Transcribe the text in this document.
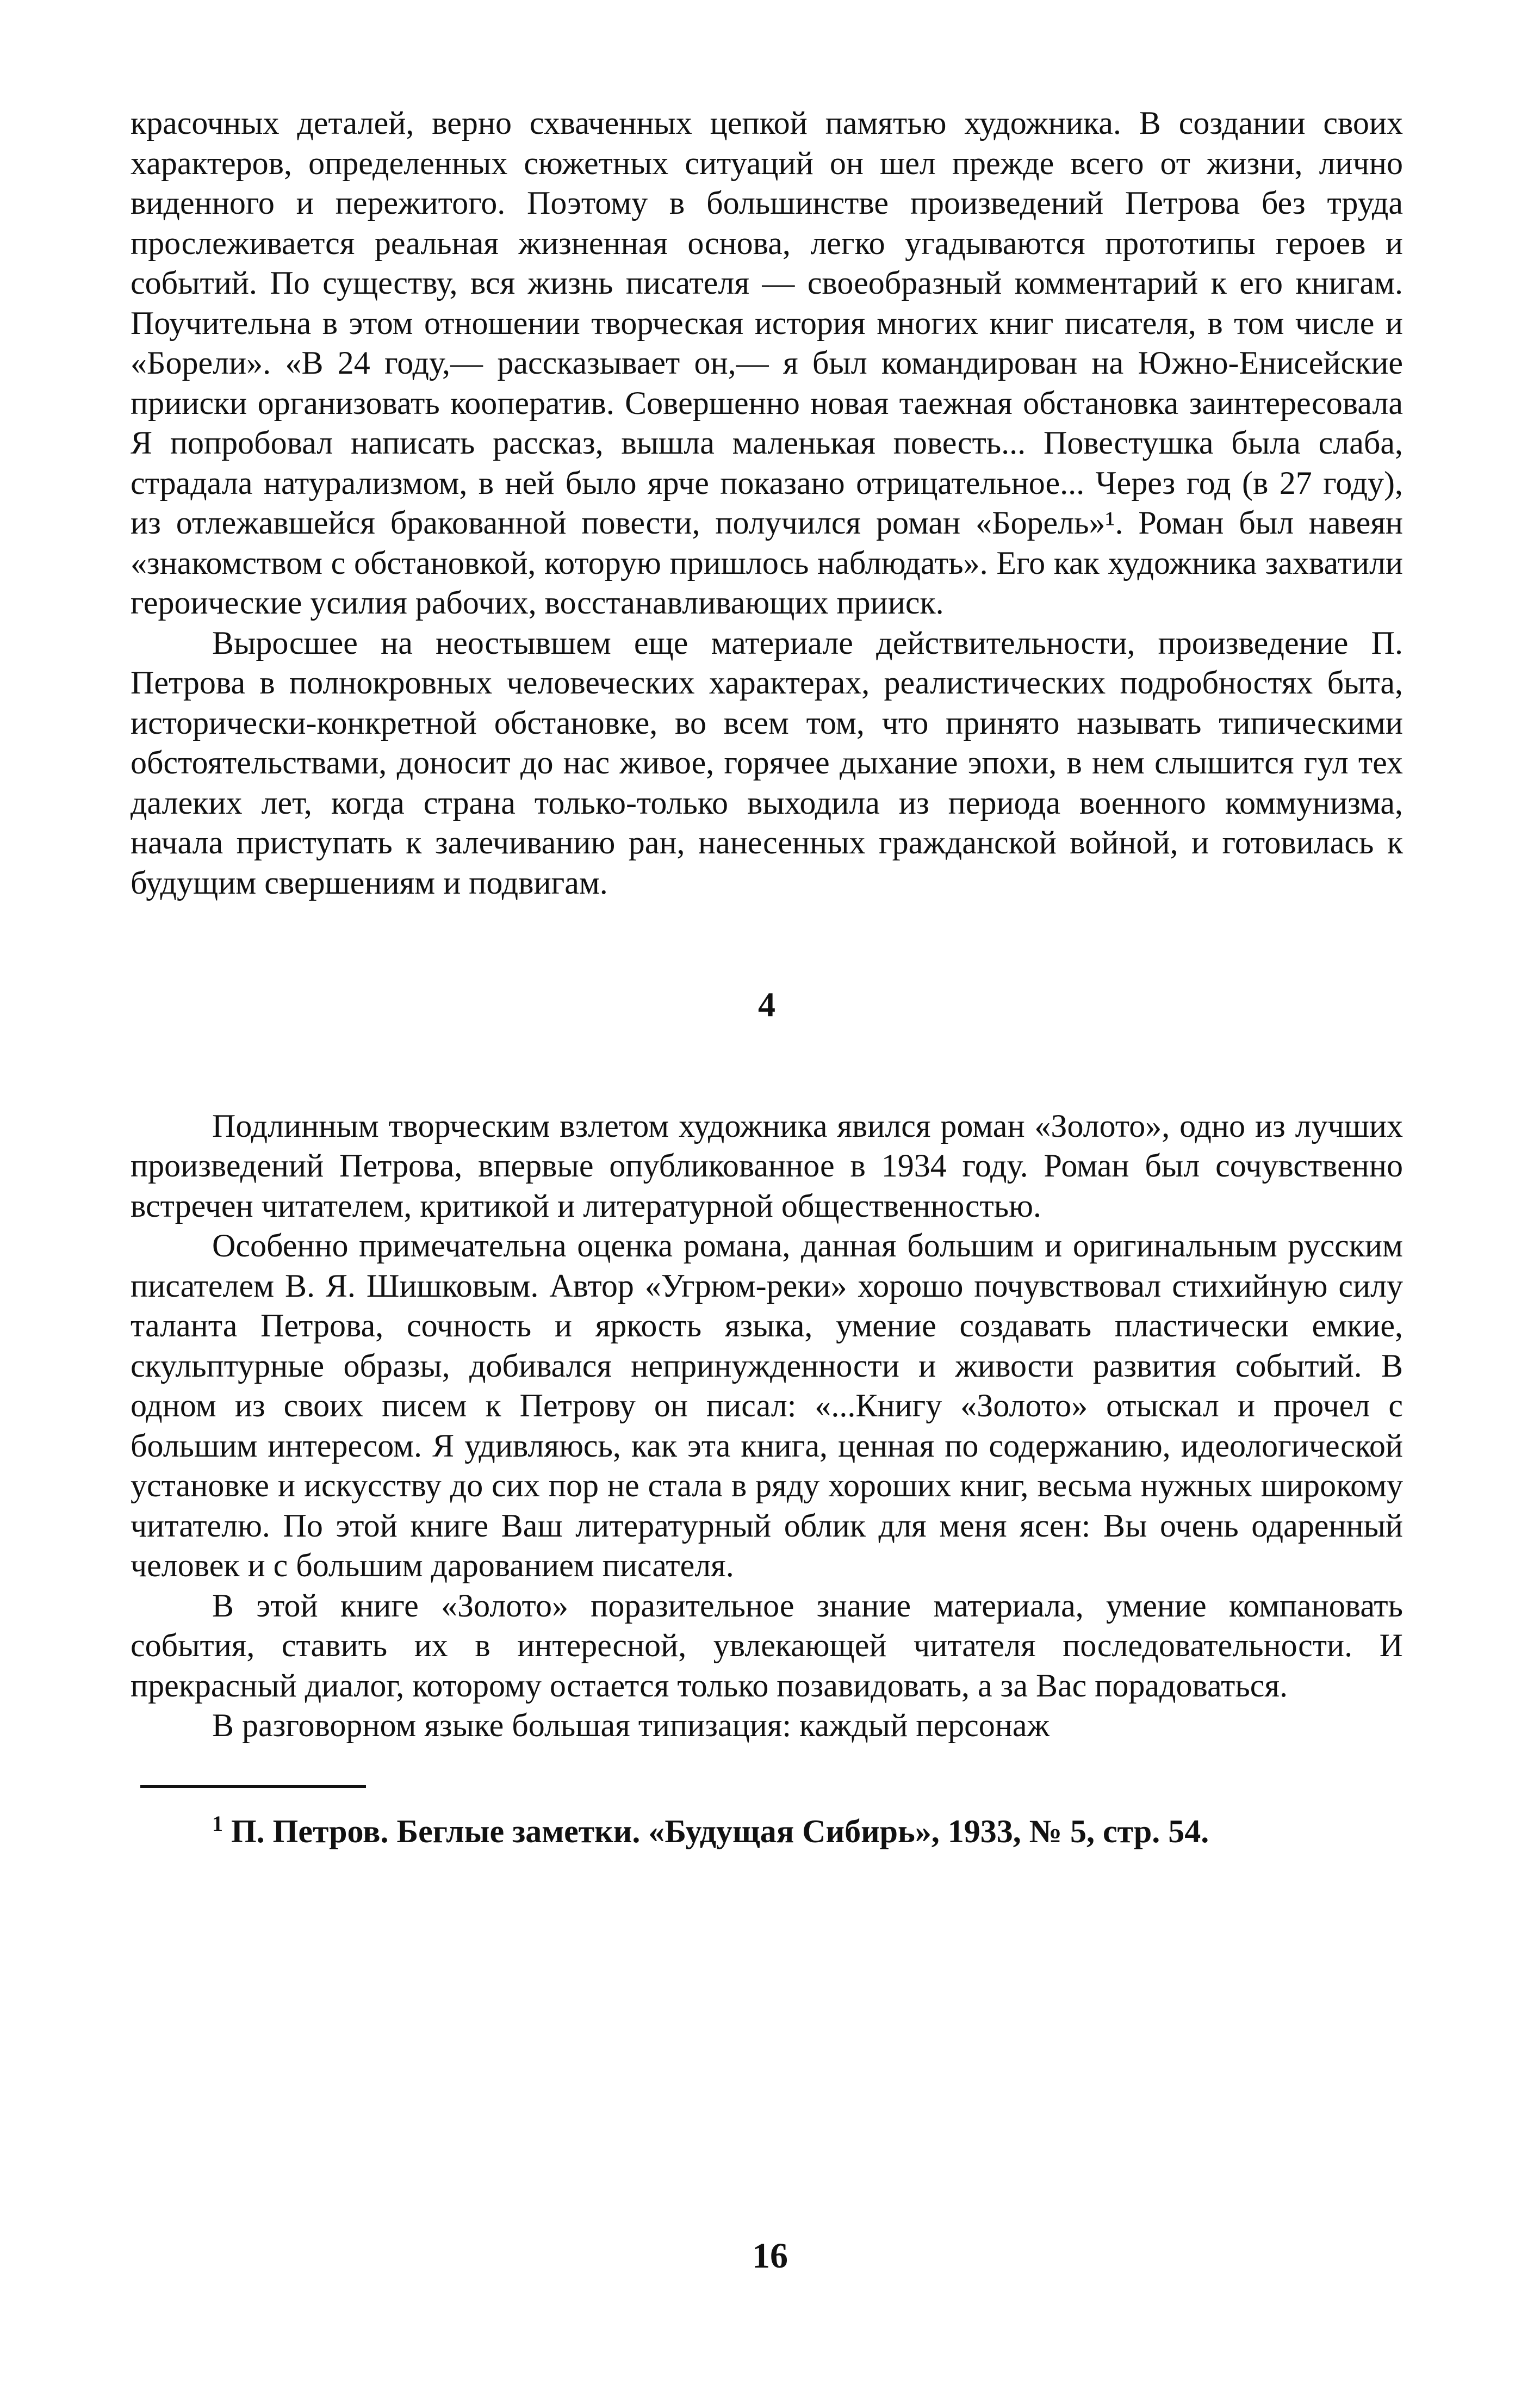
красочных деталей, верно схваченных цепкой памятью художника. В создании своих характеров, определенных сюжетных ситуаций он шел прежде всего от жизни, лично виденного и пережитого. Поэтому в большинстве произведений Петрова без труда прослеживается реальная жизненная основа, легко угадываются прототипы героев и событий. По существу, вся жизнь писателя — своеобразный комментарий к его книгам. Поучительна в этом отношении творческая история многих книг писателя, в том числе и «Борели». «В 24 году,— рассказывает он,— я был командирован на Южно-Енисейские прииски организовать кооператив. Совершенно новая таежная обстановка заинтересовала Я попробовал написать рассказ, вышла маленькая повесть... Повестушка была слаба, страдала натурализмом, в ней было ярче показано отрицательное... Через год (в 27 году), из отлежавшейся бракованной повести, получился роман «Борель»¹. Роман был навеян «знакомством с обстановкой, которую пришлось наблюдать». Его как художника захватили героические усилия рабочих, восстанавливающих прииск.

Выросшее на неостывшем еще материале действительности, произведение П. Петрова в полнокровных человеческих характерах, реалистических подробностях быта, исторически-конкретной обстановке, во всем том, что принято называть типическими обстоятельствами, доносит до нас живое, горячее дыхание эпохи, в нем слышится гул тех далеких лет, когда страна только-только выходила из периода военного коммунизма, начала приступать к залечиванию ран, нанесенных гражданской войной, и готовилась к будущим свершениям и подвигам.

4

Подлинным творческим взлетом художника явился роман «Золото», одно из лучших произведений Петрова, впервые опубликованное в 1934 году. Роман был сочувственно встречен читателем, критикой и литературной общественностью.

Особенно примечательна оценка романа, данная большим и оригинальным русским писателем В. Я. Шишковым. Автор «Угрюм-реки» хорошо почувствовал стихийную силу таланта Петрова, сочность и яркость языка, умение создавать пластически емкие, скульптурные образы, добивался непринужденности и живости развития событий. В одном из своих писем к Петрову он писал: «...Книгу «Золото» отыскал и прочел с большим интересом. Я удивляюсь, как эта книга, ценная по содержанию, идеологической установке и искусству до сих пор не стала в ряду хороших книг, весьма нужных широкому читателю. По этой книге Ваш литературный облик для меня ясен: Вы очень одаренный человек и с большим дарованием писателя.

В этой книге «Золото» поразительное знание материала, умение компановать события, ставить их в интересной, увлекающей читателя последовательности. И прекрасный диалог, которому остается только позавидовать, а за Вас порадоваться.

В разговорном языке большая типизация: каждый персонаж

$^1$ П. Петров. Беглые заметки. «Будущая Сибирь», 1933, № 5, стр. 54.

16
